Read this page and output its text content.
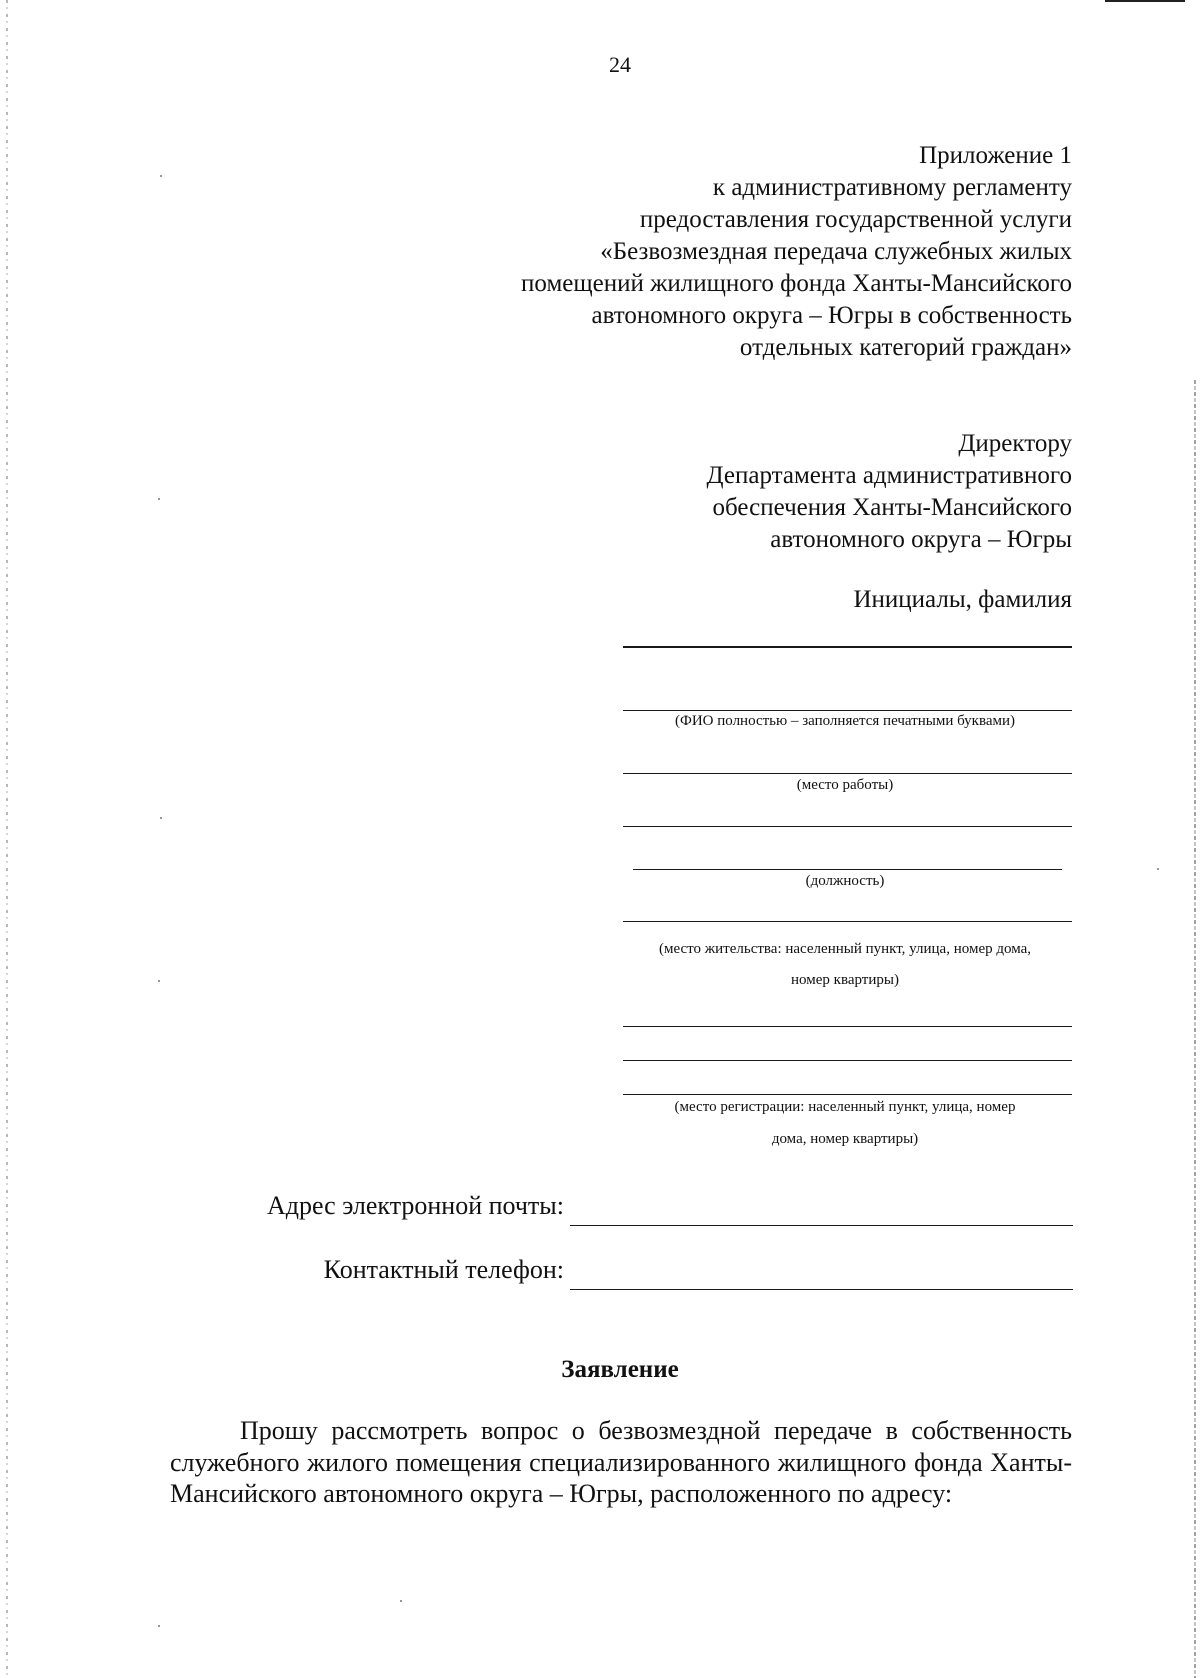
24
Приложение 1
к административному регламенту
предоставления государственной услуги
«Безвозмездная передача служебных жилых
помещений жилищного фонда Ханты-Мансийского
автономного округа – Югры в собственность
отдельных категорий граждан»
Директору
Департамента административного
обеспечения Ханты-Мансийского
автономного округа – Югры
Инициалы, фамилия
(ФИО полностью – заполняется печатными буквами)
(место работы)
(должность)
(место жительства: населенный пункт, улица, номер дома,
номер квартиры)
(место регистрации: населенный пункт, улица, номер
дома, номер квартиры)
Адрес электронной почты:
Контактный телефон:
Заявление
Прошу рассмотреть вопрос о безвозмездной передаче в собственность служебного жилого помещения специализированного жилищного фонда Ханты-Мансийского автономного округа – Югры, расположенного по адресу:
